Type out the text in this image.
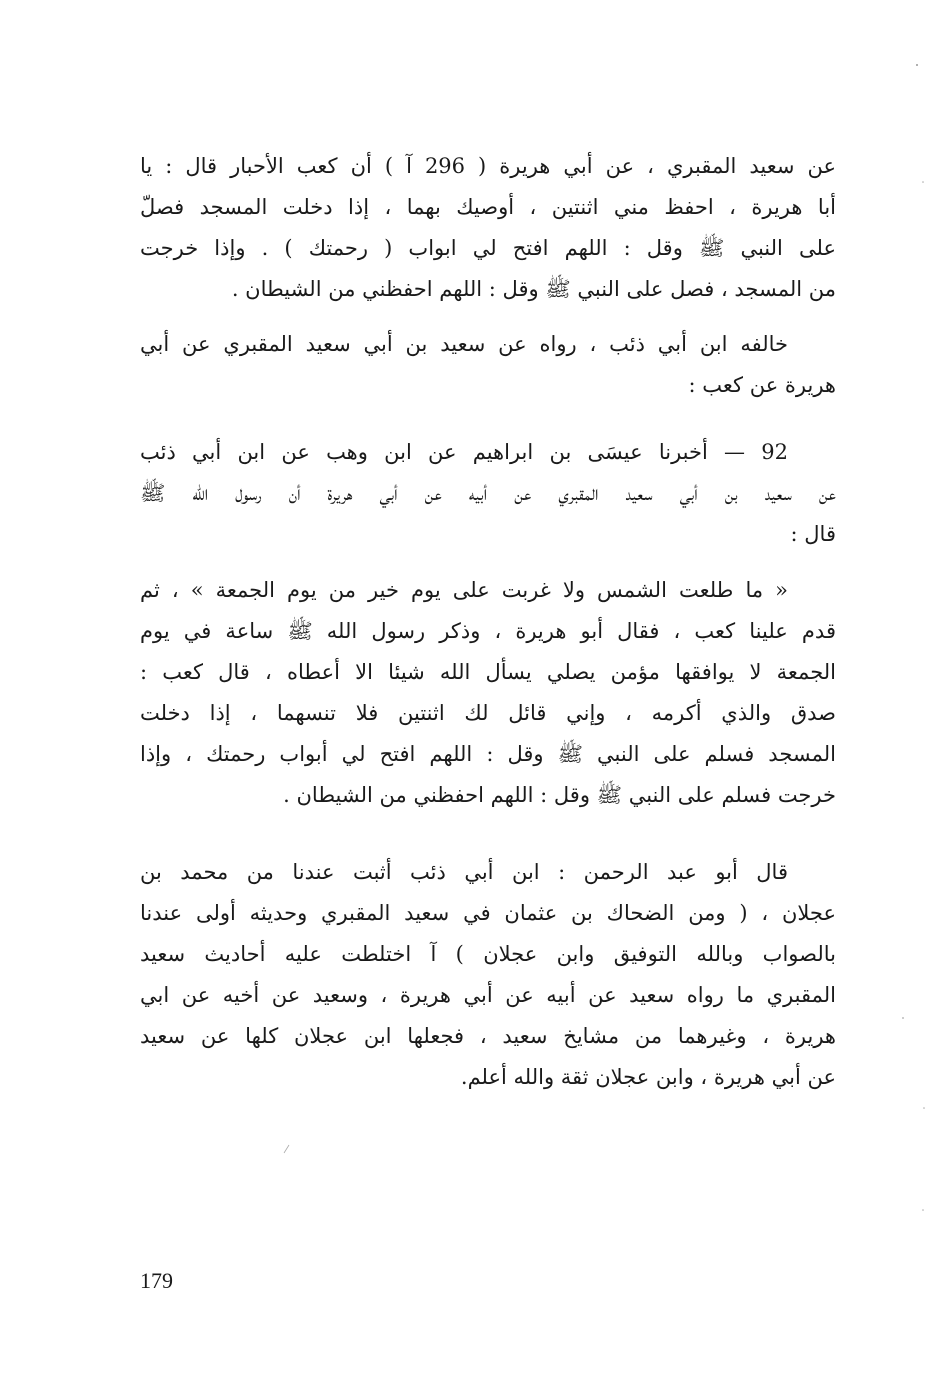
عن سعيد المقبري ، عن أبي هريرة ( 296 آ ) أن كعب الأحبار قال : يا
أبا هريرة ، احفظ مني اثنتين ، أوصيك بهما ، إذا دخلت المسجد فصلّ
على النبي ﷺ وقل : اللهم افتح لي ابواب ( رحمتك ) . وإذا خرجت
من المسجد ، فصل على النبي ﷺ وقل : اللهم احفظني من الشيطان .
خالفه ابن أبي ذئب ، رواه عن سعيد بن أبي سعيد المقبري عن أبي
هريرة عن كعب :
92 — أخبرنا عيسَى بن ابراهيم عن ابن وهب عن ابن أبي ذئب
عن سعيد بن أبي سعيد المقبري عن أبيه عن أبي هريرة أن رسول الله ﷺ
قال :
« ما طلعت الشمس ولا غربت على يوم خير من يوم الجمعة » ، ثم
قدم علينا كعب ، فقال أبو هريرة ، وذكر رسول الله ﷺ ساعة في يوم
الجمعة لا يوافقها مؤمن يصلي يسأل الله شيئا الا أعطاه ، قال كعب :
صدق والذي أكرمه ، وإني قائل لك اثنتين فلا تنسهما ، إذا دخلت
المسجد فسلم على النبي ﷺ وقل : اللهم افتح لي أبواب رحمتك ، وإذا
خرجت فسلم على النبي ﷺ وقل : اللهم احفظني من الشيطان .
قال أبو عبد الرحمن : ابن أبي ذئب أثبت عندنا من محمد بن
عجلان ، ( ومن الضحاك بن عثمان في سعيد المقبري وحديثه أولى عندنا
بالصواب وبالله التوفيق وابن عجلان ) آ اختلطت عليه أحاديث سعيد
المقبري ما رواه سعيد عن أبيه عن أبي هريرة ، وسعيد عن أخيه عن ابي
هريرة ، وغيرهما من مشايخ سعيد ، فجعلها ابن عجلان كلها عن سعيد
عن أبي هريرة ، وابن عجلان ثقة والله أعلم.
179
